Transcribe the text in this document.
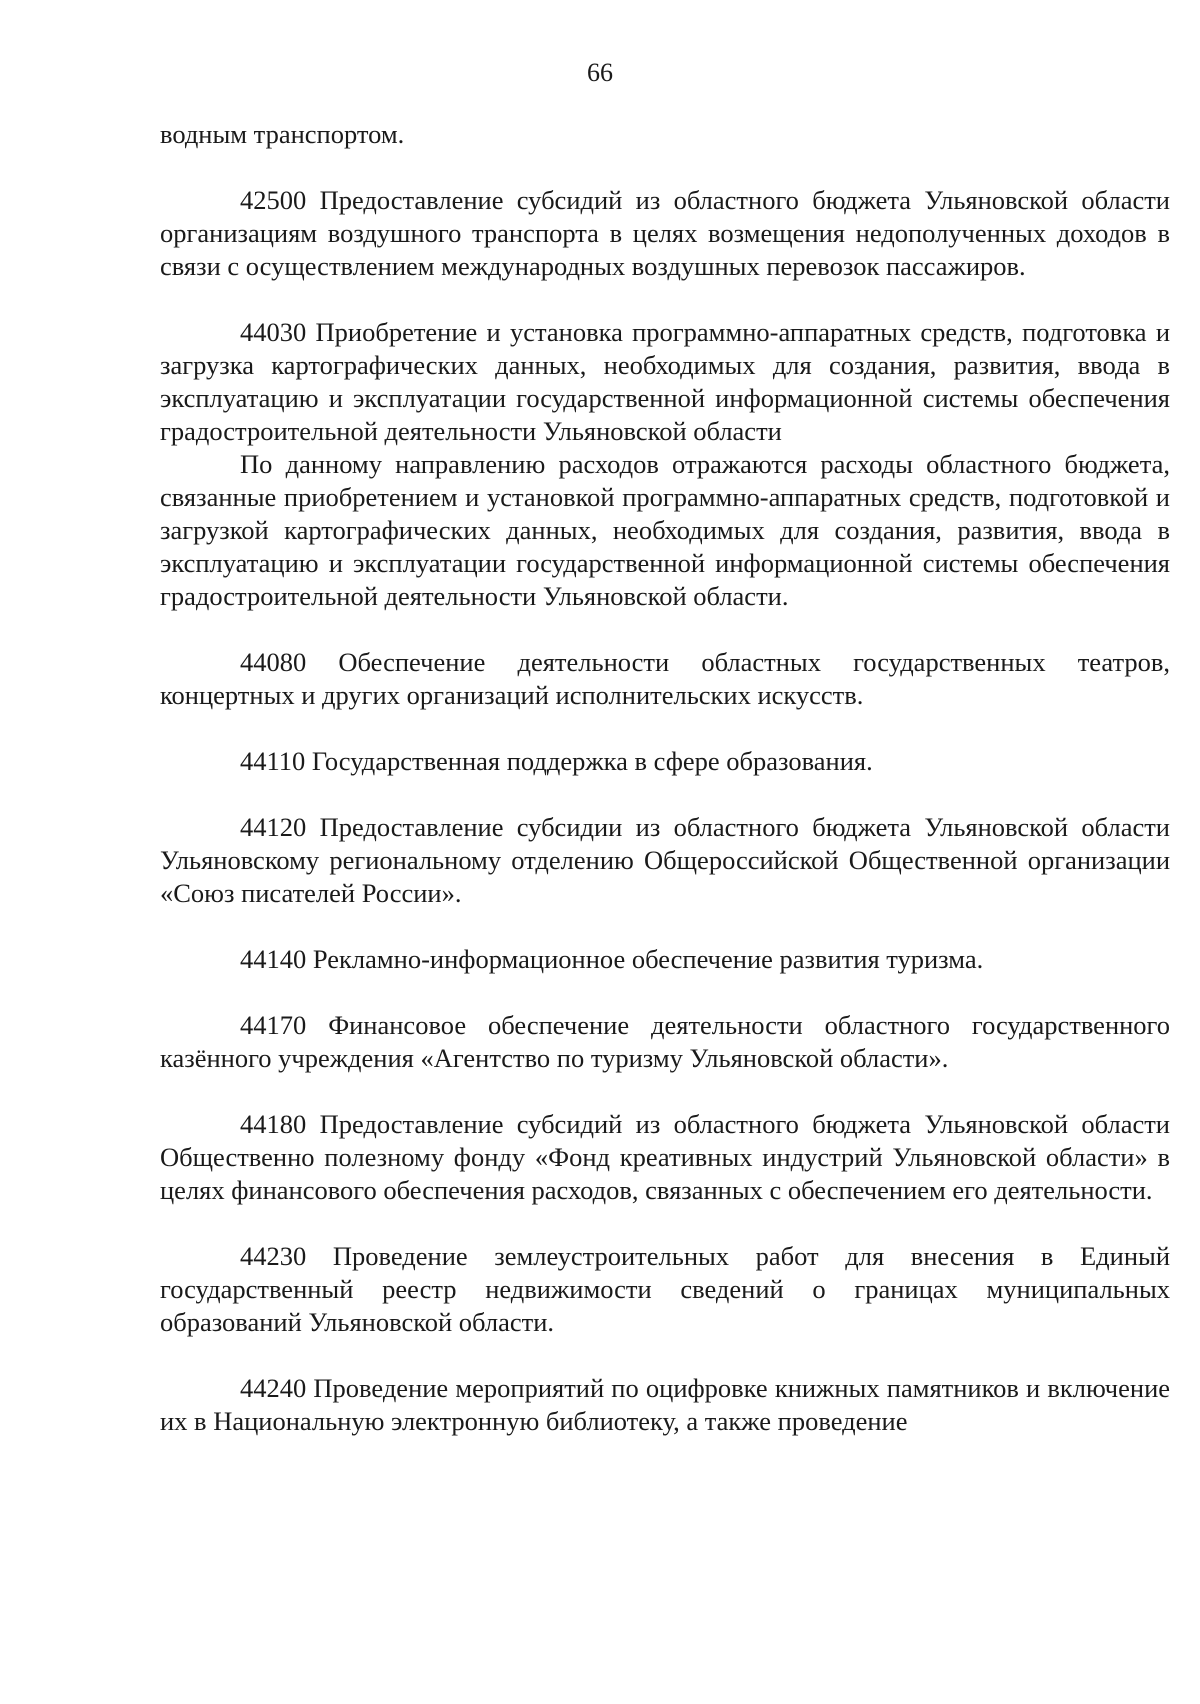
66

водным транспортом.

42500 Предоставление субсидий из областного бюджета Ульяновской области организациям воздушного транспорта в целях возмещения недополученных доходов в связи с осуществлением международных воздушных перевозок пассажиров.

44030 Приобретение и установка программно-аппаратных средств, подготовка и загрузка картографических данных, необходимых для создания, развития, ввода в эксплуатацию и эксплуатации государственной информационной системы обеспечения градостроительной деятельности Ульяновской области

По данному направлению расходов отражаются расходы областного бюджета, связанные приобретением и установкой программно-аппаратных средств, подготовкой и загрузкой картографических данных, необходимых для создания, развития, ввода в эксплуатацию и эксплуатации государственной информационной системы обеспечения градостроительной деятельности Ульяновской области.

44080 Обеспечение деятельности областных государственных театров, концертных и других организаций исполнительских искусств.

44110 Государственная поддержка в сфере образования.

44120 Предоставление субсидии из областного бюджета Ульяновской области Ульяновскому региональному отделению Общероссийской Общественной организации «Союз писателей России».

44140 Рекламно-информационное обеспечение развития туризма.

44170 Финансовое обеспечение деятельности областного государственного казённого учреждения «Агентство по туризму Ульяновской области».

44180 Предоставление субсидий из областного бюджета Ульяновской области Общественно полезному фонду «Фонд креативных индустрий Ульяновской области» в целях финансового обеспечения расходов, связанных с обеспечением его деятельности.

44230 Проведение землеустроительных работ для внесения в Единый государственный реестр недвижимости сведений о границах муниципальных образований Ульяновской области.

44240 Проведение мероприятий по оцифровке книжных памятников и включение их в Национальную электронную библиотеку, а также проведение
